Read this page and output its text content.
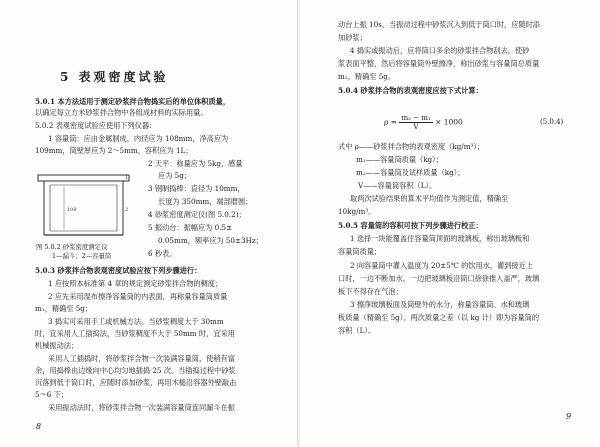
5 表观密度试验
5.0.1 本方法适用于测定砂浆拌合物捣实后的单位体积质量，
以确定每立方米砂浆拌合物中各组成材料的实际用量。
5.0.2 表观密度试验应使用下列仪器：
1 容量筒：应由金属制成，内径应为 108mm，净高应为
109mm，筒壁厚应为 2～5mm，容积应为 1L；
2 天平：称量应为 5kg，感量
应为 5g；
3 钢制捣棒：直径为 10mm，
长度为 350mm，端部磨圆；
4 砂浆密度测定仪(图 5.0.2)；
5 振动台：振幅应为 0.5±
0.05mm，频率应为 50±3Hz；
6 秒表。
109
1
2
图 5.0.2 砂浆密度测定仪
1—漏斗；2—容量筒
5.0.3 砂浆拌合物表观密度试验应按下列步骤进行：
1 应按照本标准第 4 章的规定测定砂浆拌合物的稠度；
2 应先采用湿布擦净容量筒的内表面，再称量容量筒质量
m₁，精确至 5g；
3 捣实可采用手工或机械方法。当砂浆稠度大于 30mm
时，宜采用人工插捣法，当砂浆稠度不大于 50mm 时，宜采用
机械振动法；
采用人工插捣时，将砂浆拌合物一次装满容量筒，使稍有富
余，用捣棒由边缘向中心均匀地插捣 25 次。当插捣过程中砂浆
沉落到低于筒口时，应随时添加砂浆，再用木槌沿容器外壁敲击
5～6 下；
采用振动法时，将砂浆拌合物一次装满容量筒连同漏斗在振
8
动台上振 10s，当振动过程中砂浆沉入到低于筒口时，应随时添
加砂浆；
4 捣实或振动后，应将筒口多余的砂浆拌合物刮去，使砂
浆表面平整，然后将容量筒外壁擦净，称出砂浆与容量筒总质量
m₂，精确至 5g。
5.0.4 砂浆拌合物的表观密度应按下式计算：
$\rho = \frac{\text{m₂ − m₁}}{V} \times 1000$	(5.0.4)
式中 ρ——砂浆拌合物的表观密度（kg/m³）；
m₁——容量筒质量（kg）；
m₂——容量筒及试样质量（kg）；
V——容量筒容积（L）。
取两次试验结果的算术平均值作为测定值，精确至
10kg/m³。
5.0.5 容量筒的容积可按下列步骤进行校正：
1 选择一块能覆盖住容量筒顶面的玻璃板，称出玻璃板和
容量筒质量；
2 向容量筒中灌入温度为 20±5℃ 的饮用水，灌到接近上
口时，一边不断加水，一边把玻璃板沿筒口徐徐推入盖严，玻璃
板下不得存在气泡；
3 擦净玻璃板面及筒壁外的水分，称量容量筒、水和玻璃
板质量（精确至 5g）。两次质量之差（以 kg 计）即为容量筒的
容积（L）。
9
